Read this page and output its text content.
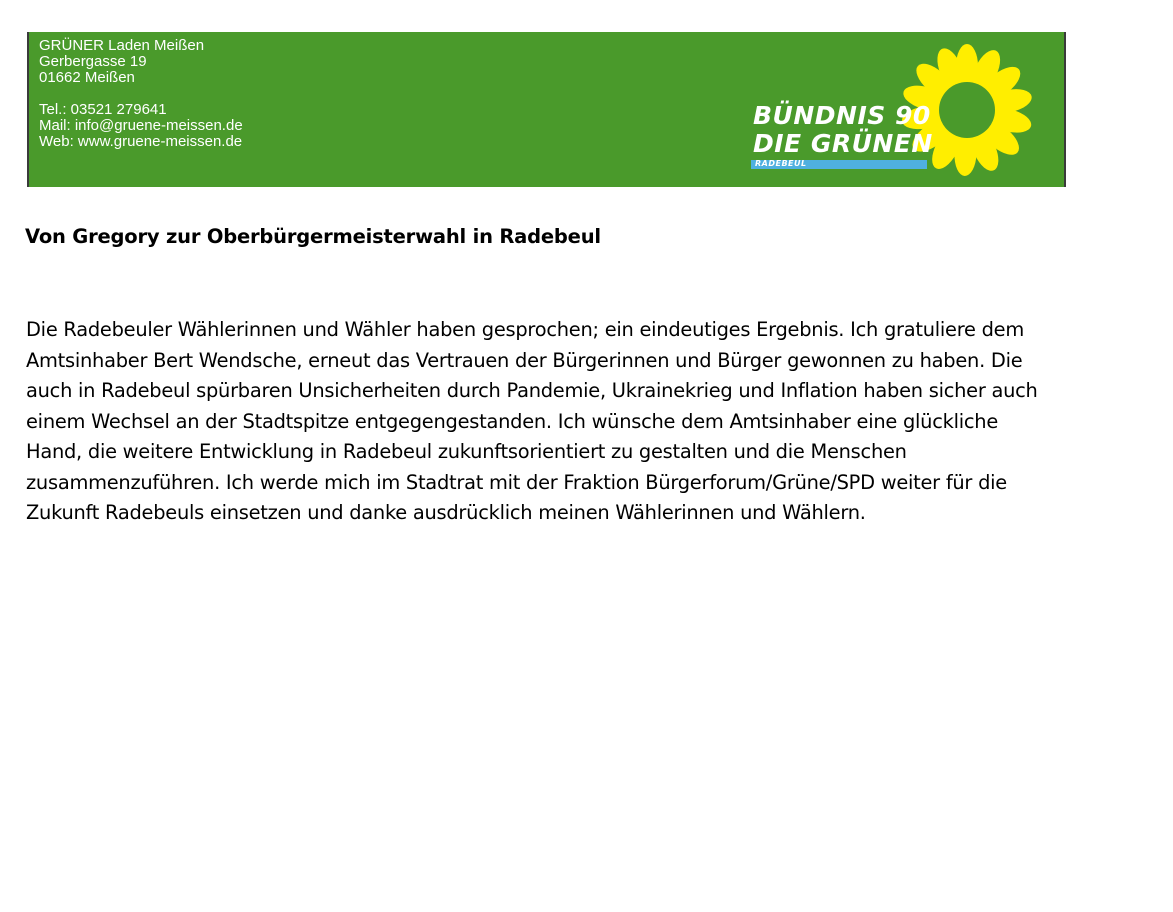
GRÜNER Laden Meißen
Gerbergasse 19
01662 Meißen
Tel.: 03521 279641
Mail: info@gruene-meissen.de
Web: www.gruene-meissen.de
BÜNDNIS 90
DIE GRÜNEN
RADEBEUL
Von Gregory zur Oberbürgermeisterwahl in Radebeul
Die Radebeuler Wählerinnen und Wähler haben gesprochen; ein eindeutiges Ergebnis. Ich gratuliere dem
Amtsinhaber Bert Wendsche, erneut das Vertrauen der Bürgerinnen und Bürger gewonnen zu haben. Die
auch in Radebeul spürbaren Unsicherheiten durch Pandemie, Ukrainekrieg und Inflation haben sicher auch
einem Wechsel an der Stadtspitze entgegengestanden. Ich wünsche dem Amtsinhaber eine glückliche
Hand, die weitere Entwicklung in Radebeul zukunftsorientiert zu gestalten und die Menschen
zusammenzuführen. Ich werde mich im Stadtrat mit der Fraktion Bürgerforum/Grüne/SPD weiter für die
Zukunft Radebeuls einsetzen und danke ausdrücklich meinen Wählerinnen und Wählern.
